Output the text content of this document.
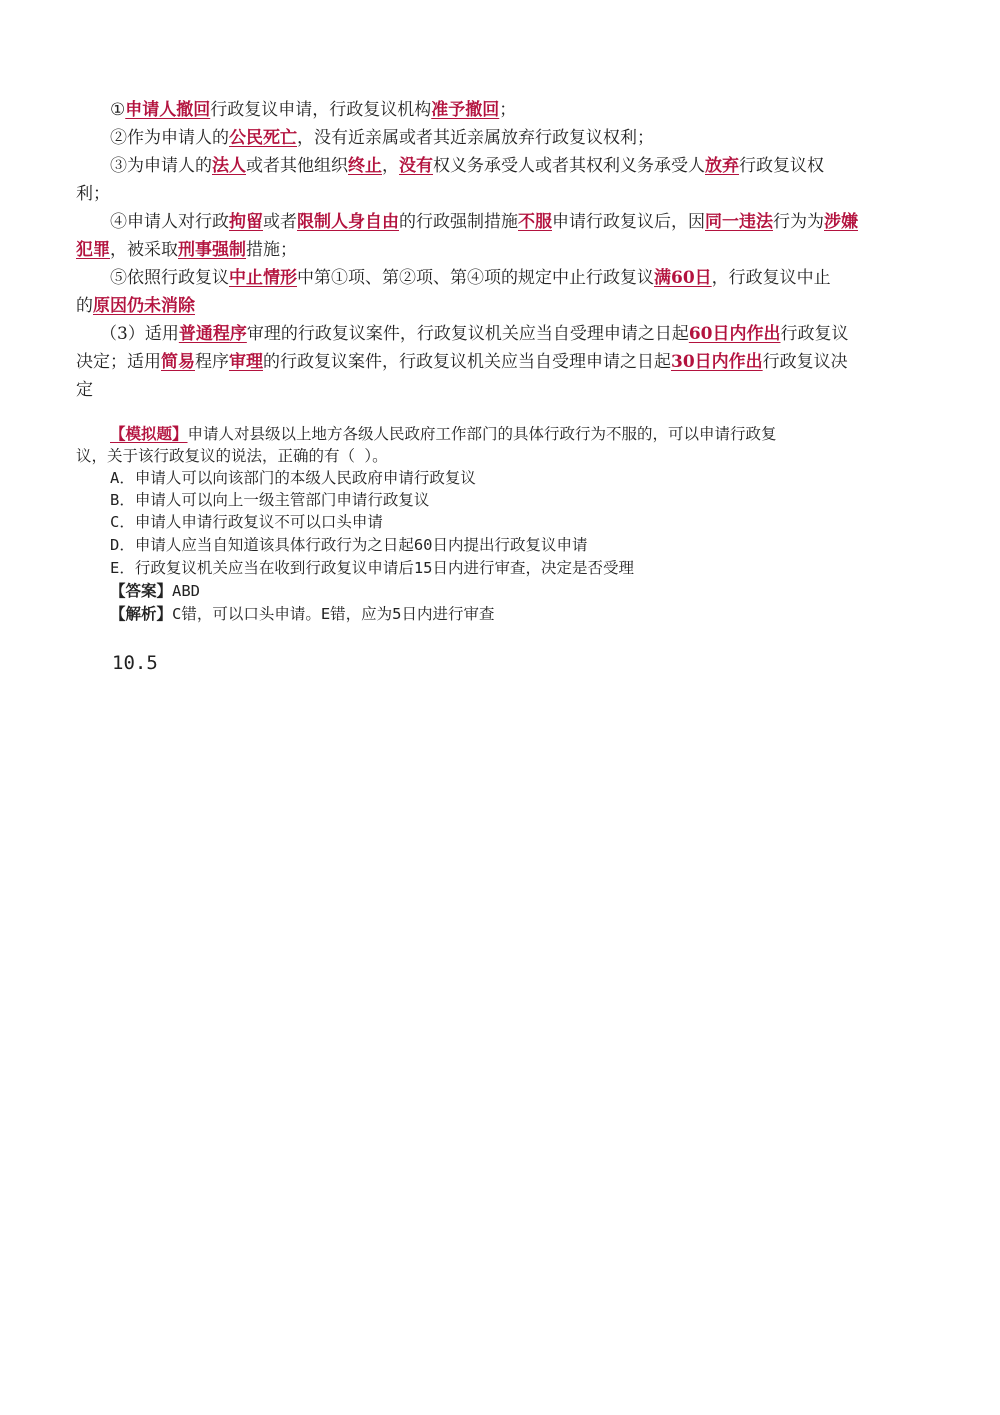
①申请人撤回行政复议申请，行政复议机构准予撤回；
②作为申请人的公民死亡，没有近亲属或者其近亲属放弃行政复议权利；
③为申请人的法人或者其他组织终止，没有权义务承受人或者其权利义务承受人放弃行政复议权
利；
④申请人对行政拘留或者限制人身自由的行政强制措施不服申请行政复议后，因同一违法行为为涉嫌
犯罪，被采取刑事强制措施；
⑤依照行政复议中止情形中第①项、第②项、第④项的规定中止行政复议满60日，行政复议中止
的原因仍未消除
（3）适用普通程序审理的行政复议案件，行政复议机关应当自受理申请之日起60日内作出行政复议
决定；适用简易程序审理的行政复议案件，行政复议机关应当自受理申请之日起30日内作出行政复议决
定
【模拟题】申请人对县级以上地方各级人民政府工作部门的具体行政行为不服的，可以申请行政复
议，关于该行政复议的说法，正确的有（ ）。
A．申请人可以向该部门的本级人民政府申请行政复议
B．申请人可以向上一级主管部门申请行政复议
C．申请人申请行政复议不可以口头申请
D．申请人应当自知道该具体行政行为之日起60日内提出行政复议申请
E．行政复议机关应当在收到行政复议申请后15日内进行审查，决定是否受理
【答案】ABD
【解析】C错，可以口头申请。E错，应为5日内进行审查
10.5
